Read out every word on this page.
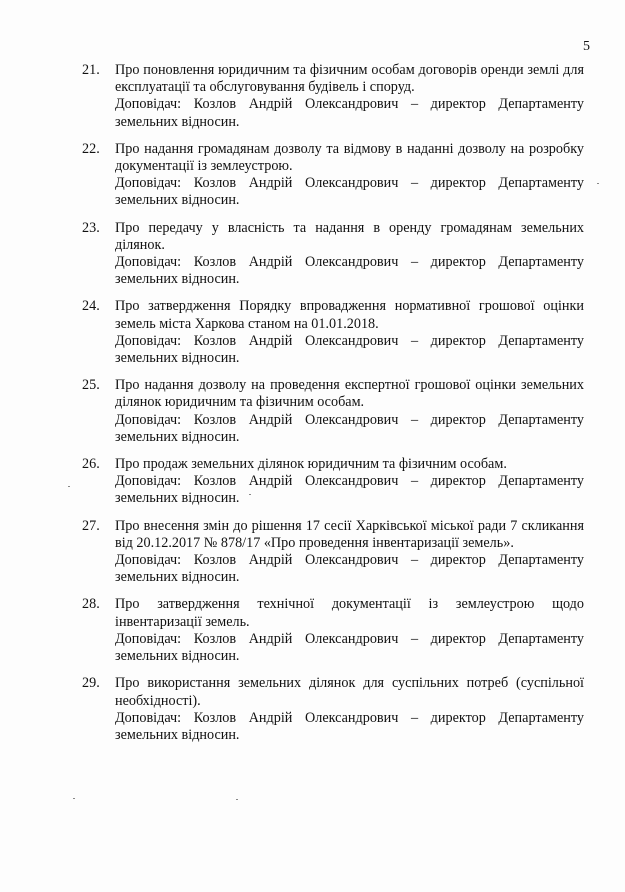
5
21. Про поновлення юридичним та фізичним особам договорів оренди землі для експлуатації та обслуговування будівель і споруд.
Доповідач: Козлов Андрій Олександрович – директор Департаменту
земельних відносин.
22. Про надання громадянам дозволу та відмову в наданні дозволу на розробку документації із землеустрою.
Доповідач: Козлов Андрій Олександрович – директор Департаменту
земельних відносин.
23. Про передачу у власність та надання в оренду громадянам земельних ділянок.
Доповідач: Козлов Андрій Олександрович – директор Департаменту
земельних відносин.
24. Про затвердження Порядку впровадження нормативної грошової оцінки земель міста Харкова станом на 01.01.2018.
Доповідач: Козлов Андрій Олександрович – директор Департаменту
земельних відносин.
25. Про надання дозволу на проведення експертної грошової оцінки земельних ділянок юридичним та фізичним особам.
Доповідач: Козлов Андрій Олександрович – директор Департаменту
земельних відносин.
26. Про продаж земельних ділянок юридичним та фізичним особам.
Доповідач: Козлов Андрій Олександрович – директор Департаменту
земельних відносин.
27. Про внесення змін до рішення 17 сесії Харківської міської ради 7 скликання від 20.12.2017 № 878/17 «Про проведення інвентаризації земель».
Доповідач: Козлов Андрій Олександрович – директор Департаменту
земельних відносин.
28. Про затвердження технічної документації із землеустрою щодо інвентаризації земель.
Доповідач: Козлов Андрій Олександрович – директор Департаменту
земельних відносин.
29. Про використання земельних ділянок для суспільних потреб (суспільної необхідності).
Доповідач: Козлов Андрій Олександрович – директор Департаменту
земельних відносин.
